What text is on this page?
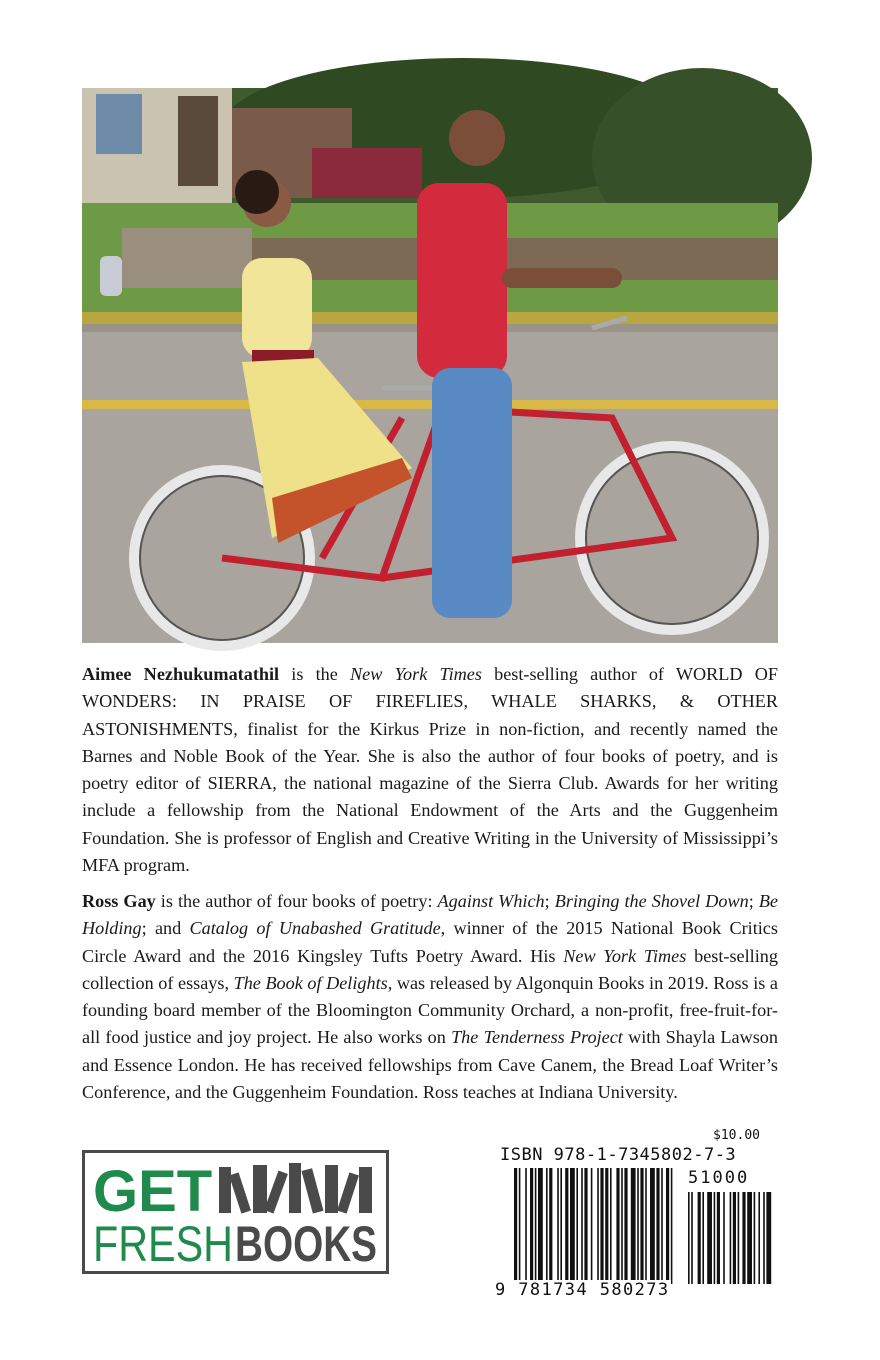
Aimee Nezhukumatathil is the New York Times best-selling author of WORLD OF WONDERS: IN PRAISE OF FIREFLIES, WHALE SHARKS, & OTHER ASTONISHMENTS, finalist for the Kirkus Prize in non-fiction, and recently named the Barnes and Noble Book of the Year. She is also the author of four books of poetry, and is poetry editor of SIERRA, the national magazine of the Sierra Club. Awards for her writing include a fellowship from the National Endowment of the Arts and the Guggenheim Foundation. She is professor of English and Creative Writing in the University of Mississippi’s MFA program.

Ross Gay is the author of four books of poetry: Against Which; Bringing the Shovel Down; Be Holding; and Catalog of Unabashed Gratitude, winner of the 2015 National Book Critics Circle Award and the 2016 Kingsley Tufts Poetry Award. His New York Times best-selling collection of essays, The Book of Delights, was released by Algonquin Books in 2019. Ross is a founding board member of the Bloomington Community Orchard, a non-profit, free-fruit-for-all food justice and joy project. He also works on The Tenderness Project with Shayla Lawson and Essence London. He has received fellowships from Cave Canem, the Bread Loaf Writer’s Conference, and the Guggenheim Foundation. Ross teaches at Indiana University.

GET
FRESH BOOKS
$10.00
ISBN 978-1-7345802-7-3
51000
9 781734 580273
